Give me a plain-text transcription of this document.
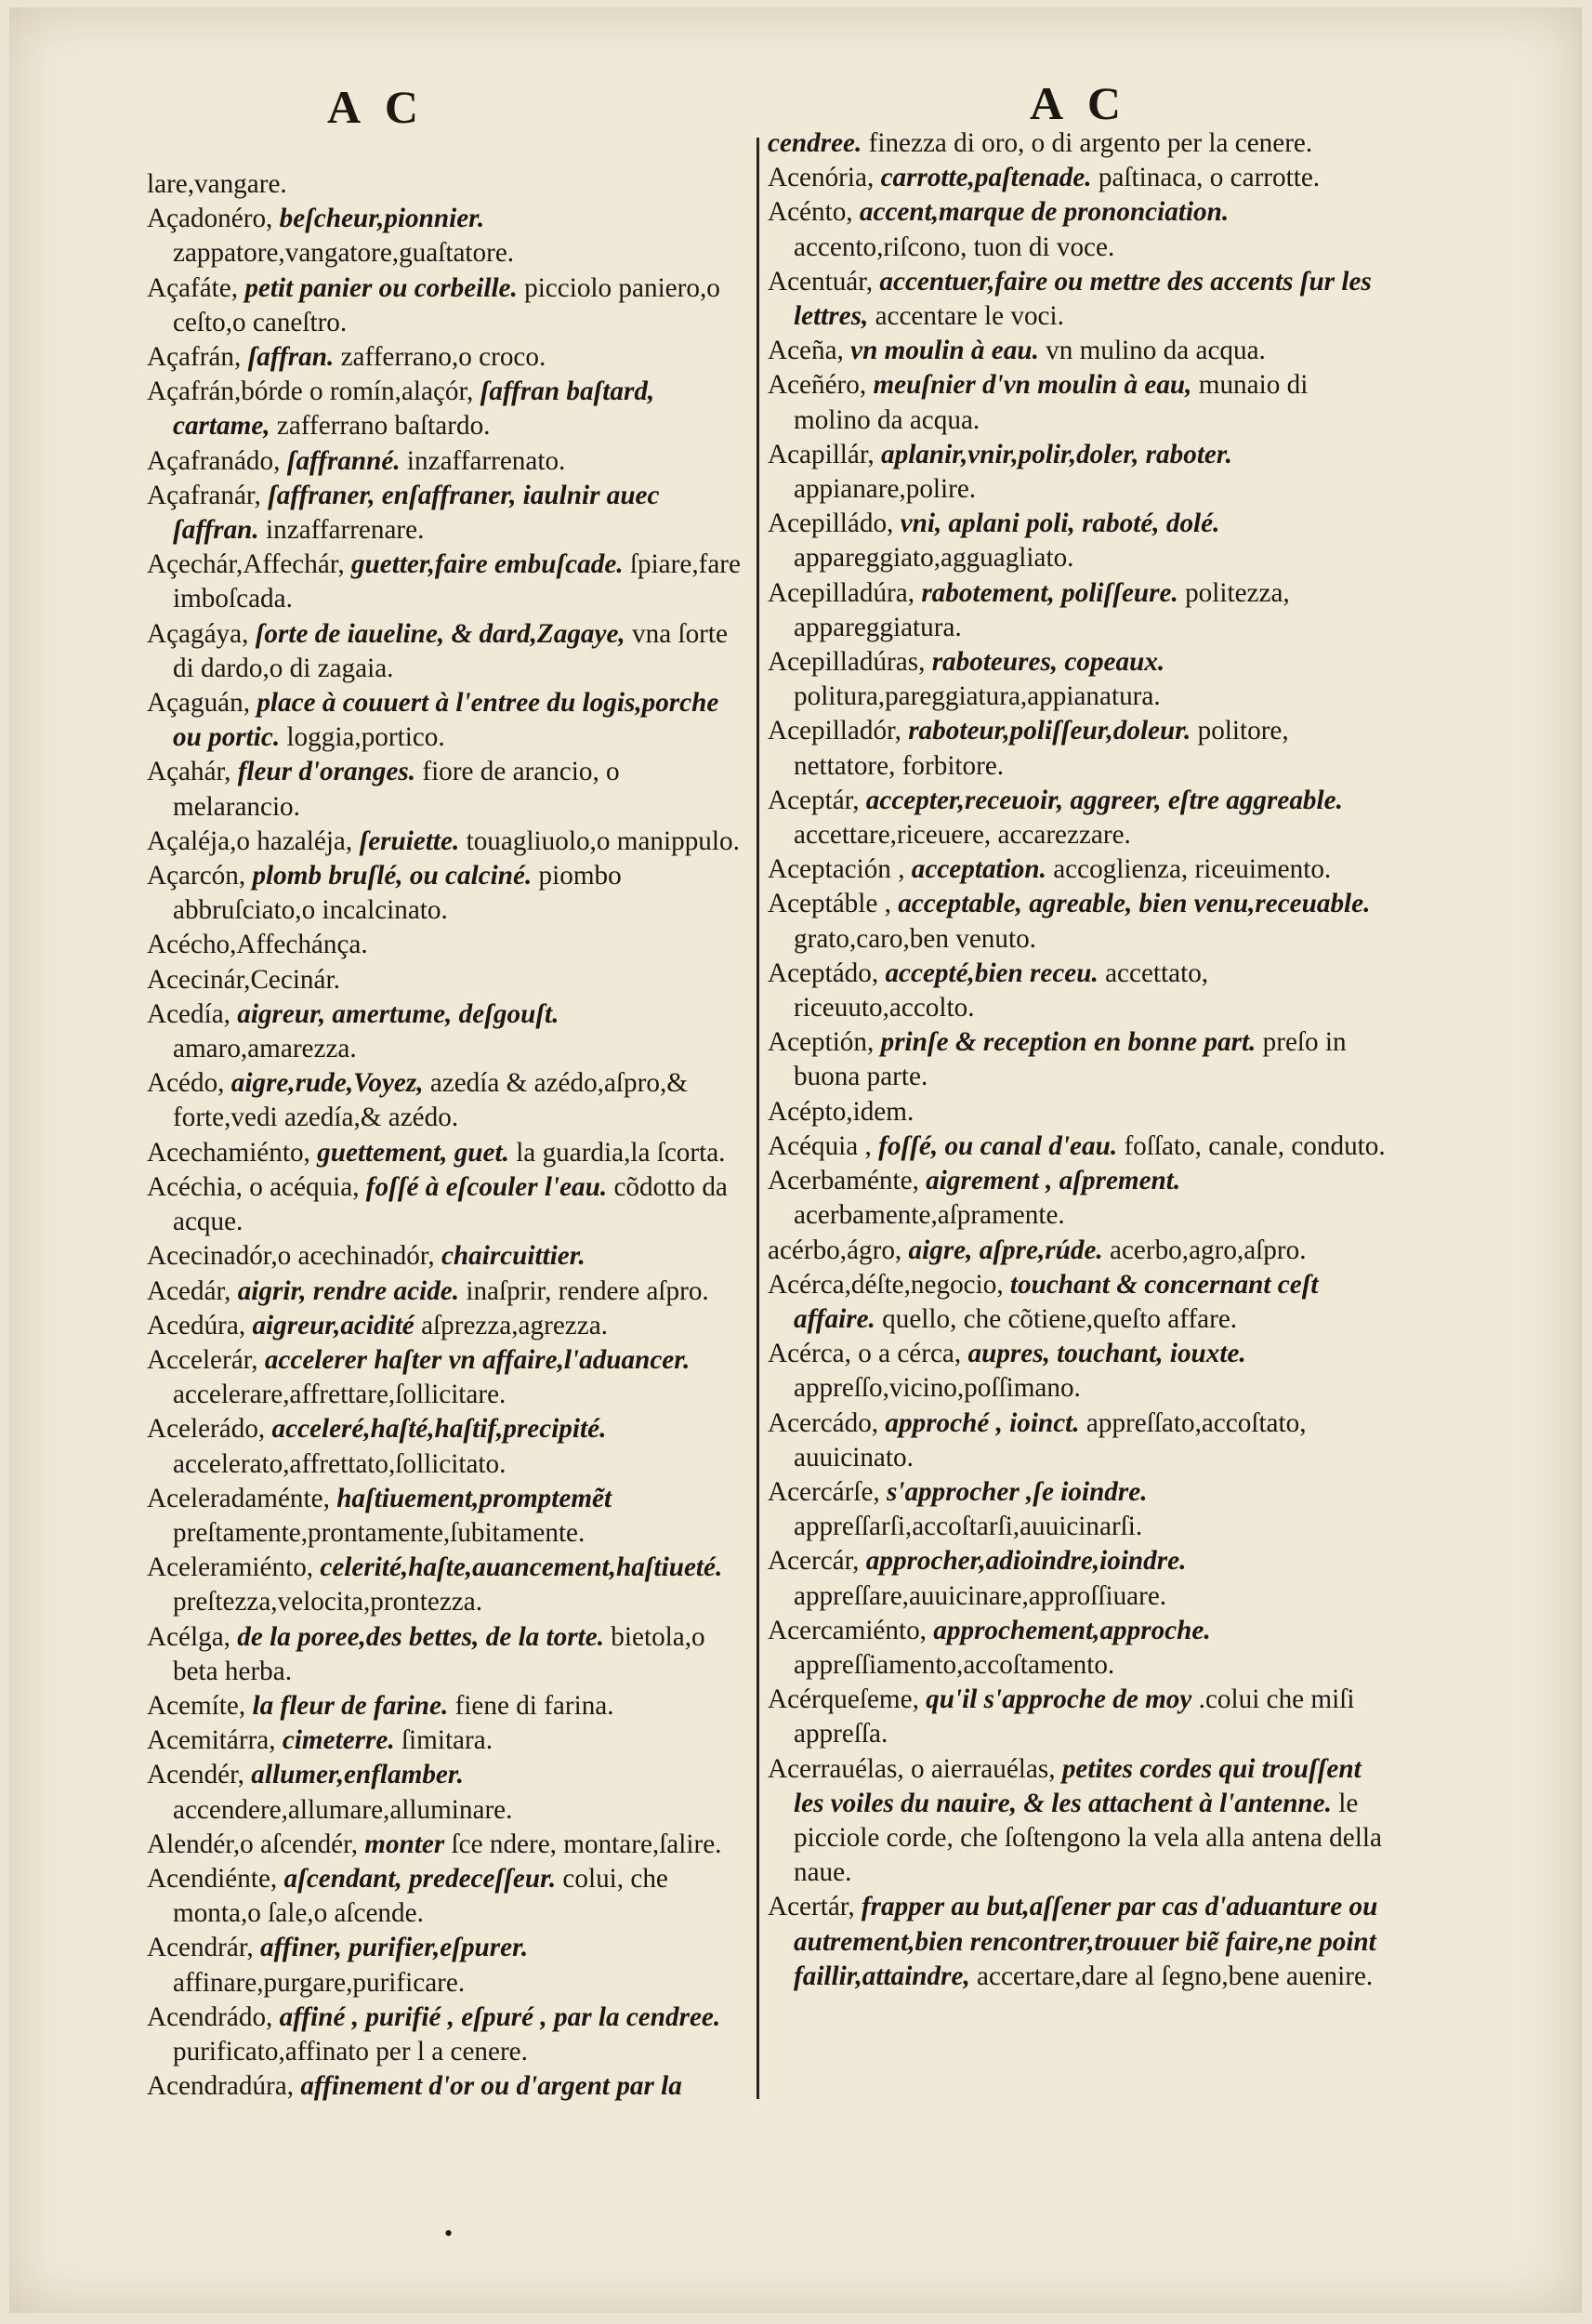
A C	A C

lare,vangare.

Açadonéro, beſcheur,pionnier. zappatore,vangatore,guaſtatore.

Açafáte, petit panier ou corbeille. picciolo paniero,o ceſto,o caneſtro.

Açafrán, ſaffran. zafferrano,o croco.

Açafrán,bórde o romín,alaçór, ſaffran baſtard, cartame, zafferrano baſtardo.

Açafranádo, ſaffranné. inzaffarrenato.

Açafranár, ſaffraner, enſaffraner, iaulnir auec ſaffran. inzaffarrenare.

Açechár,Affechár, guetter,faire embuſcade. ſpiare,fare imboſcada.

Açagáya, ſorte de iaueline, & dard,Zagaye, vna ſorte di dardo,o di zagaia.

Açaguán, place à couuert à l'entree du logis,porche ou portic. loggia,portico.

Açahár, fleur d'oranges. fiore de arancio, o melarancio.

Açaléja,o hazaléja, ſeruiette. touagliuolo,o manippulo.

Açarcón, plomb bruſlé, ou calciné. piombo abbruſciato,o incalcinato.

Acécho,Affechánça.

Acecinár,Cecinár.

Acedía, aigreur, amertume, deſgouſt. amaro,amarezza.

Acédo, aigre,rude,Voyez, azedía & azédo,aſpro,& forte,vedi azedía,& azédo.

Acechamiénto, guettement, guet. la guardia,la ſcorta.

Acéchia, o acéquia, foſſé à eſcouler l'eau. cõdotto da acque.

Acecinadór,o acechinadór, chaircuittier.

Acedár, aigrir, rendre acide. inaſprir, rendere aſpro.

Acedúra, aigreur,acidité aſprezza,agrezza.

Accelerár, accelerer haſter vn affaire,l'aduancer. accelerare,affrettare,ſollicitare.

Acelerádo, acceleré,haſté,haſtif,precipité. accelerato,affrettato,ſollicitato.

Aceleradaménte, haſtiuement,promptemẽt preſtamente,prontamente,ſubitamente.

Aceleramiénto, celerité,haſte,auancement,haſtiueté. preſtezza,velocita,prontezza.

Acélga, de la poree,des bettes, de la torte. bietola,o beta herba.

Acemíte, la fleur de farine. fiene di farina.

Acemitárra, cimeterre. ſimitara.

Acendér, allumer,enflamber. accendere,allumare,alluminare.

Alendér,o aſcendér, monter ſce ndere, montare,ſalire.

Acendiénte, aſcendant, predeceſſeur. colui, che monta,o ſale,o aſcende.

Acendrár, affiner, purifier,eſpurer. affinare,purgare,purificare.

Acendrádo, affiné , purifié , eſpuré , par la cendree. purificato,affinato per l a cenere.

Acendradúra, affinement d'or ou d'argent par la

cendree. finezza di oro, o di argento per la cenere.

Acenória, carrotte,paſtenade. paſtinaca, o carrotte.

Acénto, accent,marque de prononciation. accento,riſcono, tuon di voce.

Acentuár, accentuer,faire ou mettre des accents ſur les lettres, accentare le voci.

Aceña, vn moulin à eau. vn mulino da acqua.

Aceñéro, meuſnier d'vn moulin à eau, munaio di molino da acqua.

Acapillár, aplanir,vnir,polir,doler, raboter. appianare,polire.

Acepilládo, vni, aplani poli, raboté, dolé. appareggiato,agguagliato.

Acepilladúra, rabotement, poliſſeure. politezza, appareggiatura.

Acepilladúras, raboteures, copeaux. politura,pareggiatura,appianatura.

Acepilladór, raboteur,poliſſeur,doleur. politore, nettatore, forbitore.

Aceptár, accepter,receuoir, aggreer, eſtre aggreable. accettare,riceuere, accarezzare.

Aceptación , acceptation. accoglienza, riceuimento.

Aceptáble , acceptable, agreable, bien venu,receuable. grato,caro,ben venuto.

Aceptádo, accepté,bien receu. accettato, riceuuto,accolto.

Aceptión, prinſe & reception en bonne part. preſo in buona parte.

Acépto,idem.

Acéquia , foſſé, ou canal d'eau. foſſato, canale, conduto.

Acerbaménte, aigrement , aſprement. acerbamente,aſpramente.

acérbo,ágro, aigre, aſpre,rúde. acerbo,agro,aſpro.

Acérca,déſte,negocio, touchant & concernant ceſt affaire. quello, che cõtiene,queſto affare.

Acérca, o a cérca, aupres, touchant, iouxte. appreſſo,vicino,poſſimano.

Acercádo, approché , ioinct. appreſſato,accoſtato, auuicinato.

Acercárſe, s'approcher ,ſe ioindre. appreſſarſi,accoſtarſi,auuicinarſi.

Acercár, approcher,adioindre,ioindre. appreſſare,auuicinare,approſſiuare.

Acercamiénto, approchement,approche. appreſſiamento,accoſtamento.

Acérqueſeme, qu'il s'approche de moy .colui che miſi appreſſa.

Acerrauélas, o aierrauélas, petites cordes qui trouſſent les voiles du nauire, & les attachent à l'antenne. le picciole corde, che ſoſtengono la vela alla antena della naue.

Acertár, frapper au but,aſſener par cas d'aduanture ou autrement,bien rencontrer,trouuer biẽ faire,ne point faillir,attaindre, accertare,dare al ſegno,bene auenire.

•
